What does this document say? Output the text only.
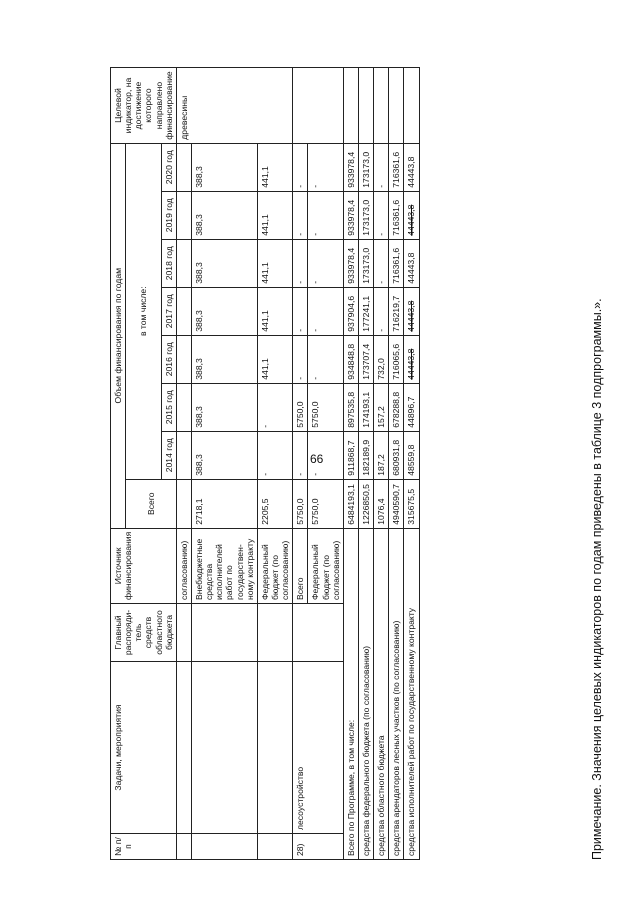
66
№ п/п	Задачи, мероприятия	Главный распоряди-тель средств областного бюджета	Источник финансирования	Объем финансирования по годам								Целевой индикатор, на достижение которого направлено финансирование
				Всего	в том числе:							
					2014 год	2015 год	2016 год	2017 год	2018 год	2019 год	2020 год	
			согласованию)									древесины
			Внебюджетные средства исполнителей работ по государствен-ному контракту	2718,1	388,3	388,3	388,3	388,3	388,3	388,3	388,3	
			Федеральный бюджет (по согласованию)	2205,5	-	-	441,1	441,1	441,1	441,1	441,1	
28)	лесоустройство		Всего	5750,0	-	5750,0	-	-	-	-	-	
			Федеральный бюджет (по согласованию)	5750,0	-	5750,0	-	-	-	-	-	
Всего по Программе, в том числе:				6484193,1	911868,7	897535,8	934848,8	937904,6	933978,4	933978,4	933978,4	
средства федерального бюджета (по согласованию)				1226850,5	182189,9	174193,1	173707,4	177241,1	173173,0	173173,0	173173,0	
средства областного бюджета				1076,4	187,2	157,2	732,0	-	-	-	-	
средства арендаторов лесных участков (по согласованию)				4940590,7	680931,8	678288,8	716065,6	716219,7	716361,6	716361,6	716361,6	
средства исполнителей работ по государственному контракту				315675,5	48559,8	44896,7	44443,8	44443,8	44443,8	44443,8	44443,8	
Примечание. Значения целевых индикаторов по годам приведены в таблице 3 подпрограммы.».
